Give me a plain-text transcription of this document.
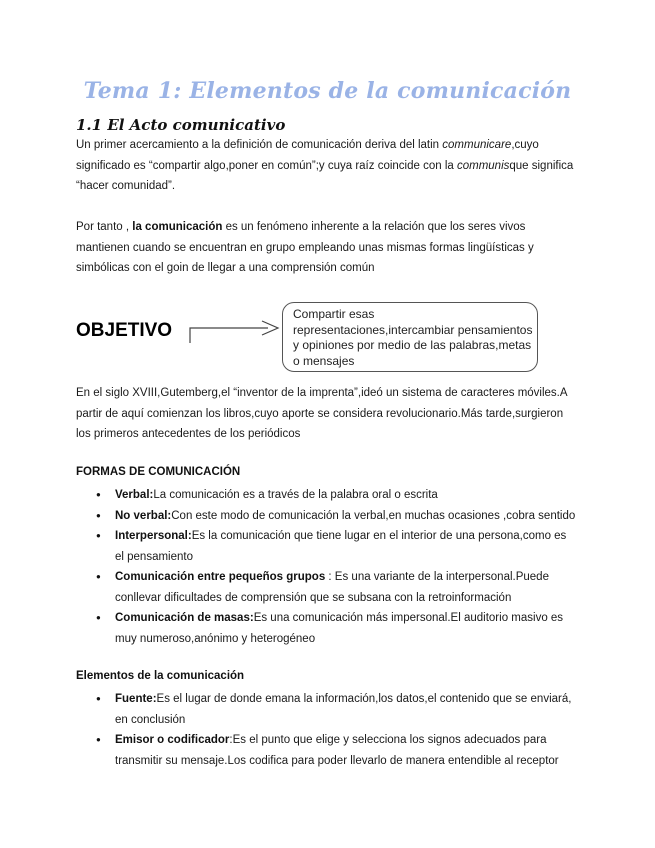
Tema 1: Elementos de la comunicación
1.1 El Acto comunicativo
Un primer acercamiento a la definición de comunicación deriva del latin communicare,cuyo significado es “compartir algo,poner en común”;y cuya raíz coincide con la communisque significa “hacer comunidad”.
Por tanto , la comunicación es un fenómeno inherente a la relación que los seres vivos mantienen cuando se encuentran en grupo empleando unas mismas formas lingüísticas y simbólicas con el goin de llegar a una comprensión común
OBJETIVO
Compartir esas representaciones,intercambiar pensamientos y opiniones por medio de las palabras,metas o mensajes
En el siglo XVIII,Gutemberg,el “inventor de la imprenta”,ideó un sistema de caracteres móviles.A partir de aquí comienzan los libros,cuyo aporte se considera revolucionario.Más tarde,surgieron los primeros antecedentes de los periódicos
FORMAS DE COMUNICACIÓN
● Verbal:La comunicación es a través de la palabra oral o escrita
● No verbal:Con este modo de comunicación la verbal,en muchas ocasiones ,cobra sentido
● Interpersonal:Es la comunicación que tiene lugar en el interior de una persona,como es el pensamiento
● Comunicación entre pequeños grupos : Es una variante de la interpersonal.Puede conllevar dificultades de comprensión que se subsana con la retroinformación
● Comunicación de masas:Es una comunicación más impersonal.El auditorio masivo es muy numeroso,anónimo y heterogéneo
Elementos de la comunicación
● Fuente:Es el lugar de donde emana la información,los datos,el contenido que se enviará, en conclusión
● Emisor o codificador:Es el punto que elige y selecciona los signos adecuados para transmitir su mensaje.Los codifica para poder llevarlo de manera entendible al receptor
